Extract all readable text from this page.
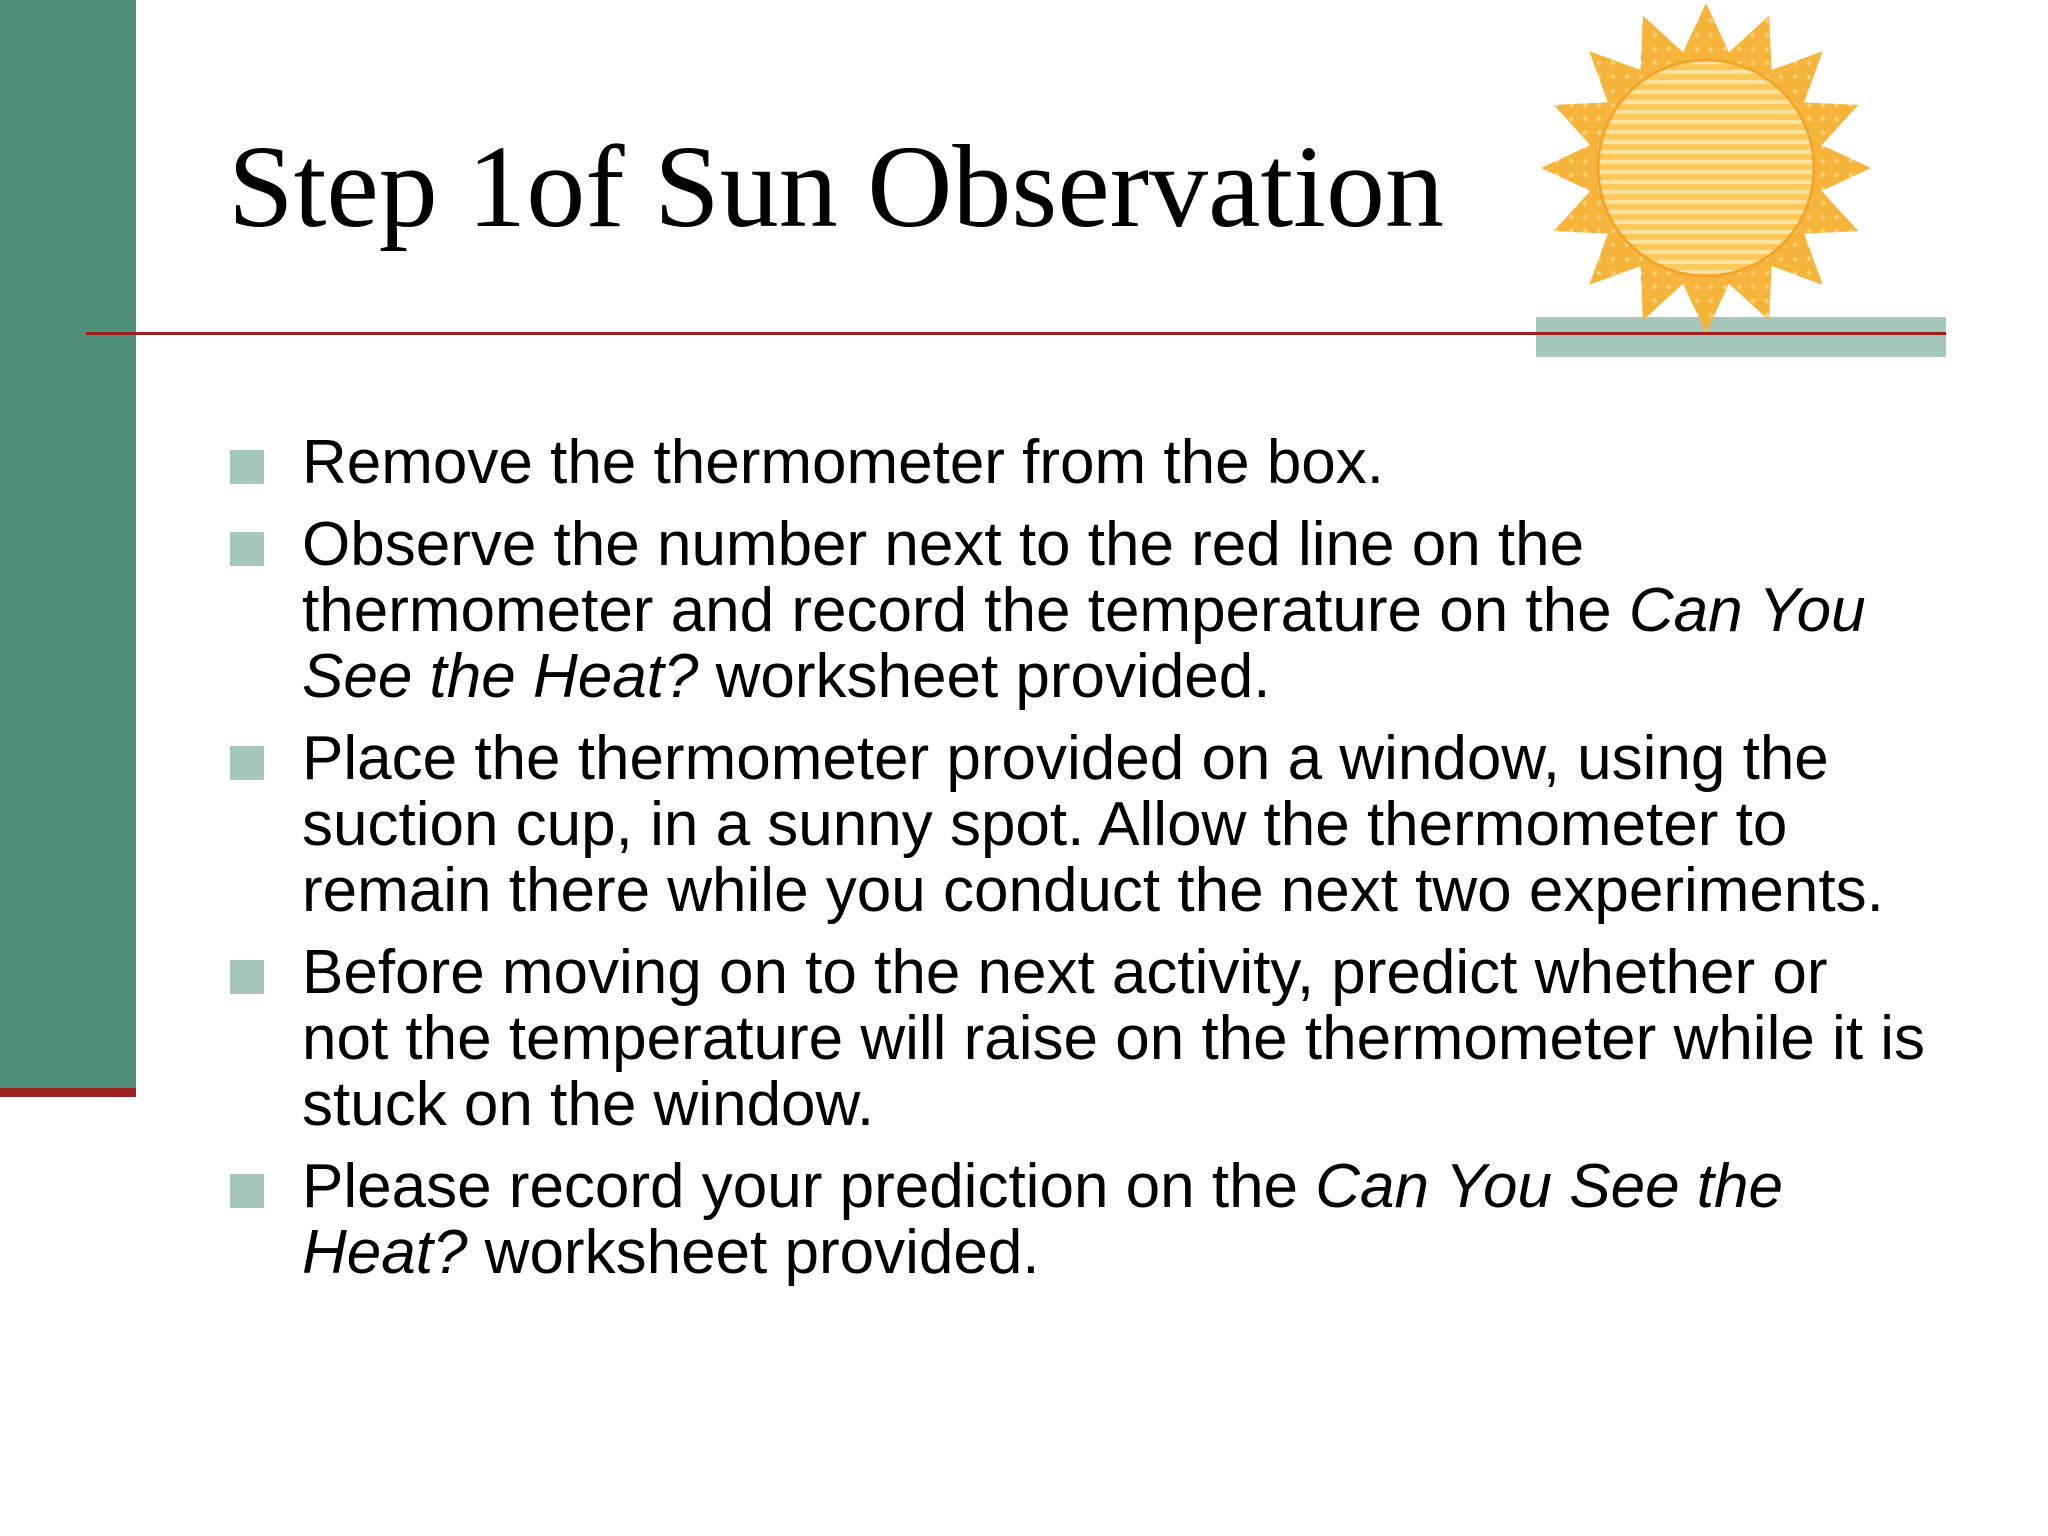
Step 1of Sun Observation
Remove the thermometer from the box.
Observe the number next to the red line on the thermometer and record the temperature on the Can You See the Heat? worksheet provided.
Place the thermometer provided on a window, using the suction cup, in a sunny spot. Allow the thermometer to remain there while you conduct the next two experiments.
Before moving on to the next activity, predict whether or not the temperature will raise on the thermometer while it is stuck on the window.
Please record your prediction on the Can You See the Heat? worksheet provided.
